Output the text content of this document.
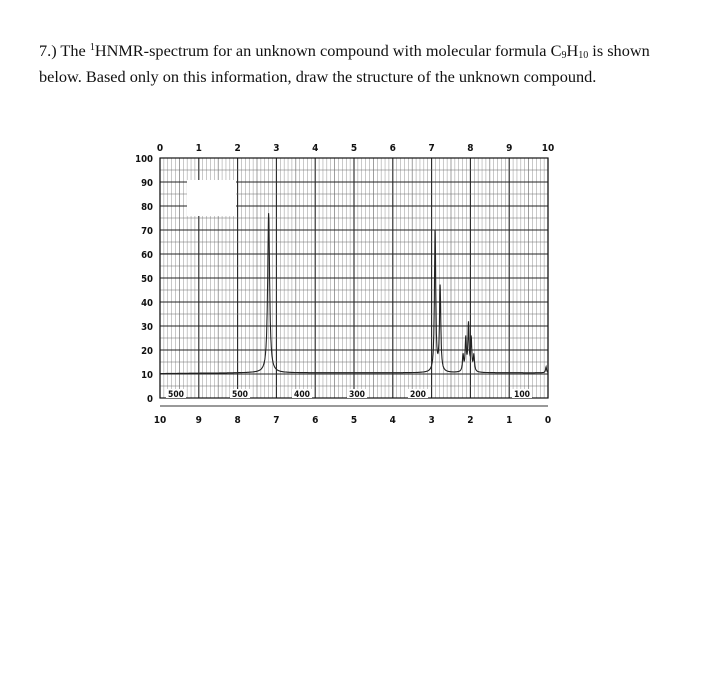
7.) The $^1$HNMR-spectrum for an unknown compound with molecular formula $C_9H_{10}$ is shown below. Based only on this information, draw the structure of the unknown compound.
0	1	2	3	4	5	6	7	8	9	10
10	9	8	7	6	5	4	3	2	1	0
0
10
20
30
40
50
60
70
80
90
100
500	500	400	300	200	100
